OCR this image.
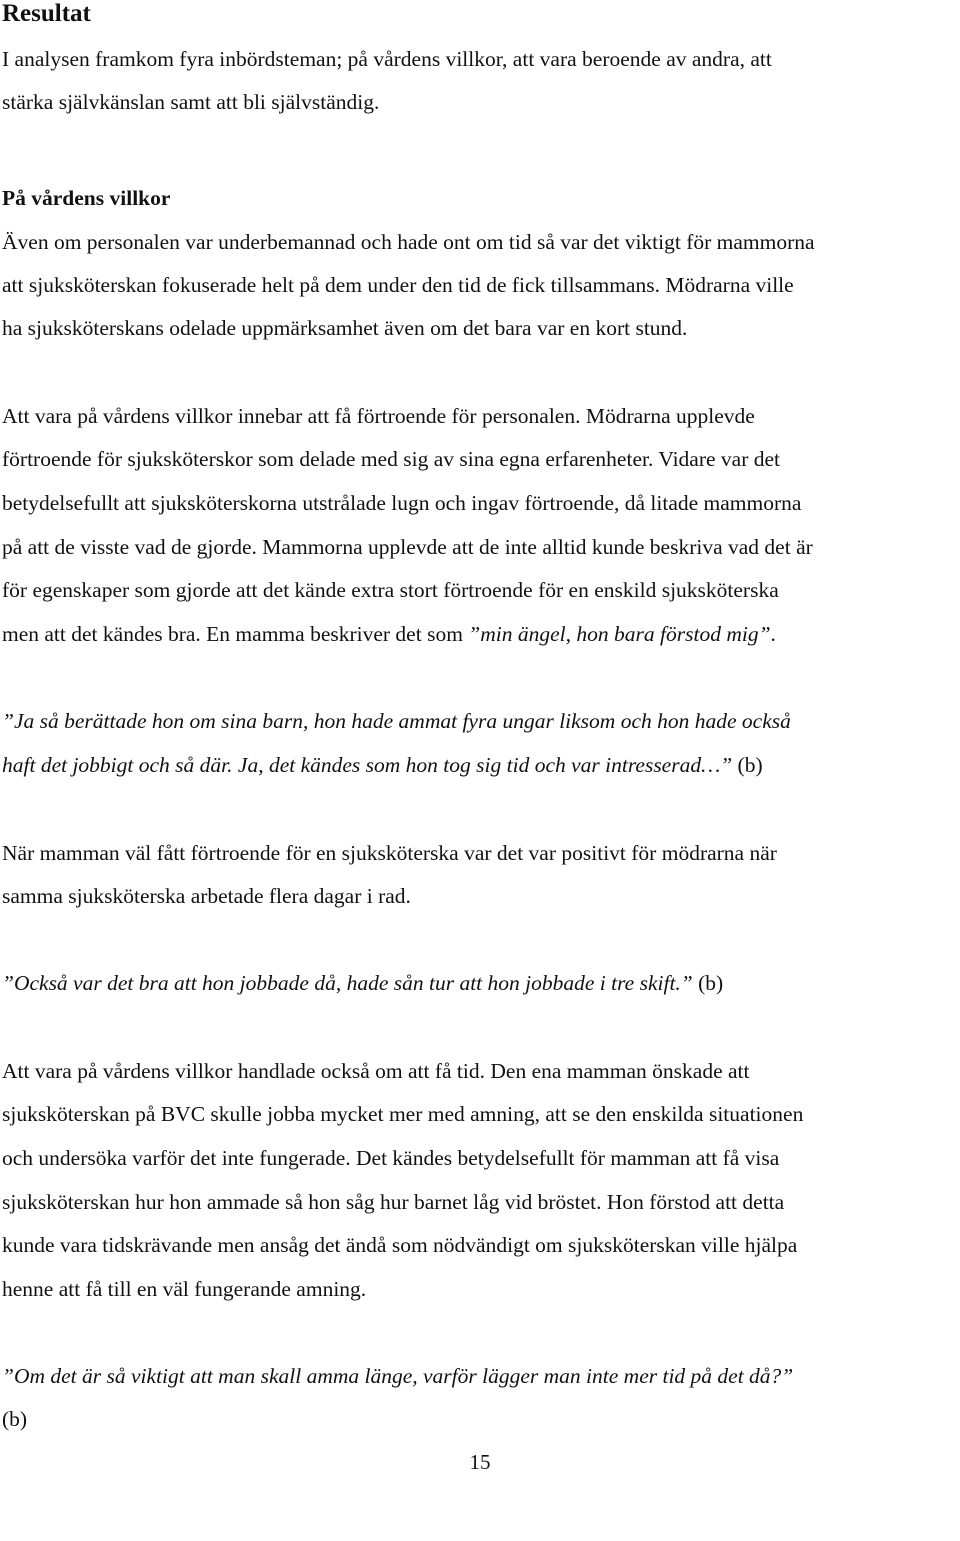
Resultat
I analysen framkom fyra inbördsteman; på vårdens villkor, att vara beroende av andra, att
stärka självkänslan samt att bli självständig.
På vårdens villkor
Även om personalen var underbemannad och hade ont om tid så var det viktigt för mammorna
att sjuksköterskan fokuserade helt på dem under den tid de fick tillsammans. Mödrarna ville
ha sjuksköterskans odelade uppmärksamhet även om det bara var en kort stund.
Att vara på vårdens villkor innebar att få förtroende för personalen. Mödrarna upplevde
förtroende för sjuksköterskor som delade med sig av sina egna erfarenheter. Vidare var det
betydelsefullt att sjuksköterskorna utstrålade lugn och ingav förtroende, då litade mammorna
på att de visste vad de gjorde. Mammorna upplevde att de inte alltid kunde beskriva vad det är
för egenskaper som gjorde att det kände extra stort förtroende för en enskild sjuksköterska
men att det kändes bra. En mamma beskriver det som ”min ängel, hon bara förstod mig”.
”Ja så berättade hon om sina barn, hon hade ammat fyra ungar liksom och hon hade också
haft det jobbigt och så där. Ja, det kändes som hon tog sig tid och var intresserad…” (b)
När mamman väl fått förtroende för en sjuksköterska var det var positivt för mödrarna när
samma sjuksköterska arbetade flera dagar i rad.
”Också var det bra att hon jobbade då, hade sån tur att hon jobbade i tre skift.” (b)
Att vara på vårdens villkor handlade också om att få tid. Den ena mamman önskade att
sjuksköterskan på BVC skulle jobba mycket mer med amning, att se den enskilda situationen
och undersöka varför det inte fungerade. Det kändes betydelsefullt för mamman att få visa
sjuksköterskan hur hon ammade så hon såg hur barnet låg vid bröstet. Hon förstod att detta
kunde vara tidskrävande men ansåg det ändå som nödvändigt om sjuksköterskan ville hjälpa
henne att få till en väl fungerande amning.
”Om det är så viktigt att man skall amma länge, varför lägger man inte mer tid på det då?”
(b)
15
